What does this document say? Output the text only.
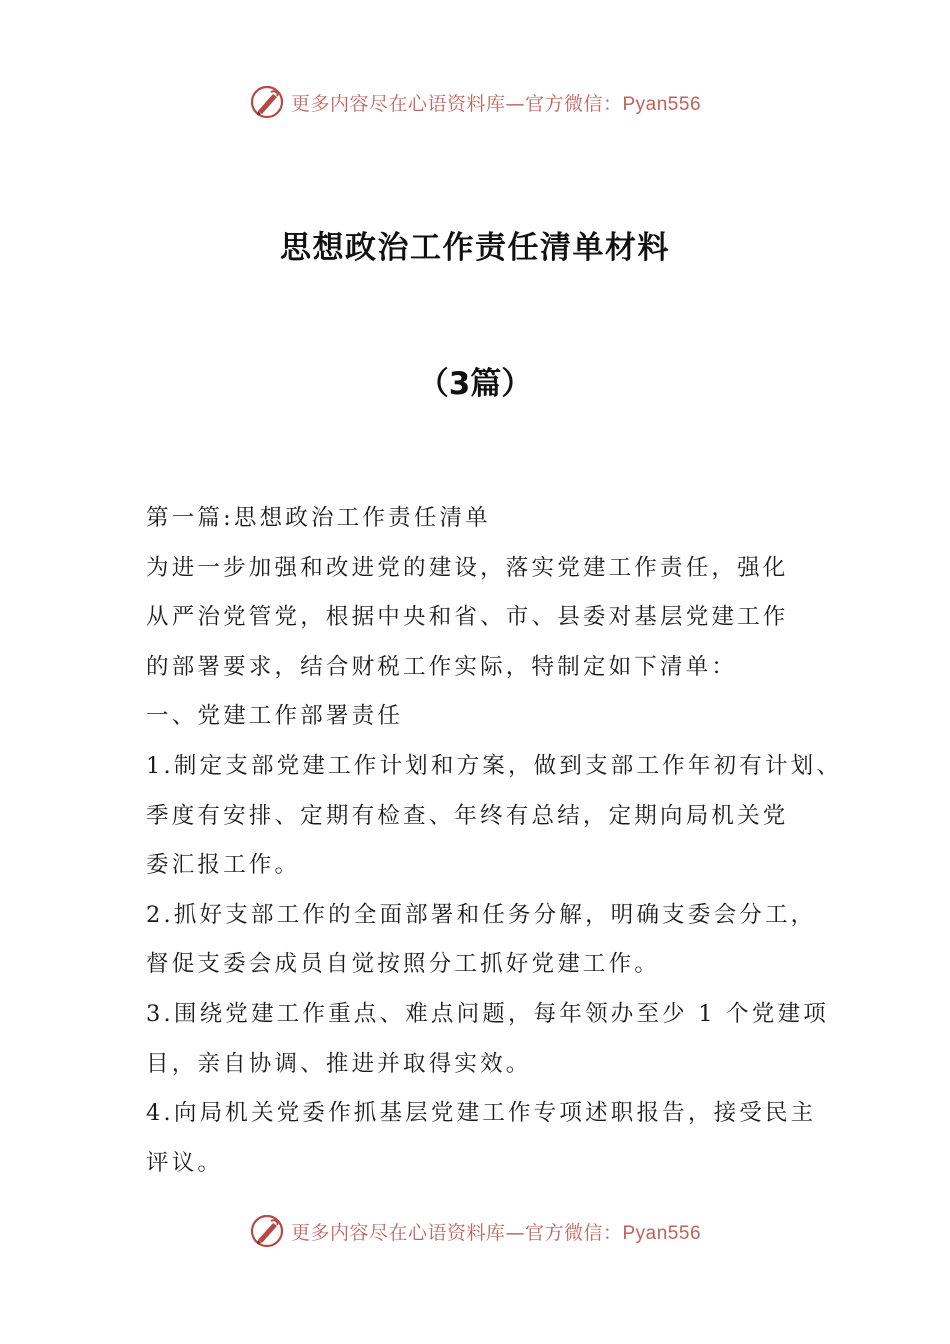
更多内容尽在心语资料库—官方微信：Pyan556
思想政治工作责任清单材料
（3篇）

第一篇:思想政治工作责任清单

为进一步加强和改进党的建设，落实党建工作责任，强化

从严治党管党，根据中央和省、市、县委对基层党建工作

的部署要求，结合财税工作实际，特制定如下清单：

一、党建工作部署责任

1.制定支部党建工作计划和方案，做到支部工作年初有计划、

季度有安排、定期有检查、年终有总结，定期向局机关党

委汇报工作。

2.抓好支部工作的全面部署和任务分解，明确支委会分工，

督促支委会成员自觉按照分工抓好党建工作。

3.围绕党建工作重点、难点问题，每年领办至少 1 个党建项

目，亲自协调、推进并取得实效。

4.向局机关党委作抓基层党建工作专项述职报告，接受民主

评议。

更多内容尽在心语资料库—官方微信：Pyan556
